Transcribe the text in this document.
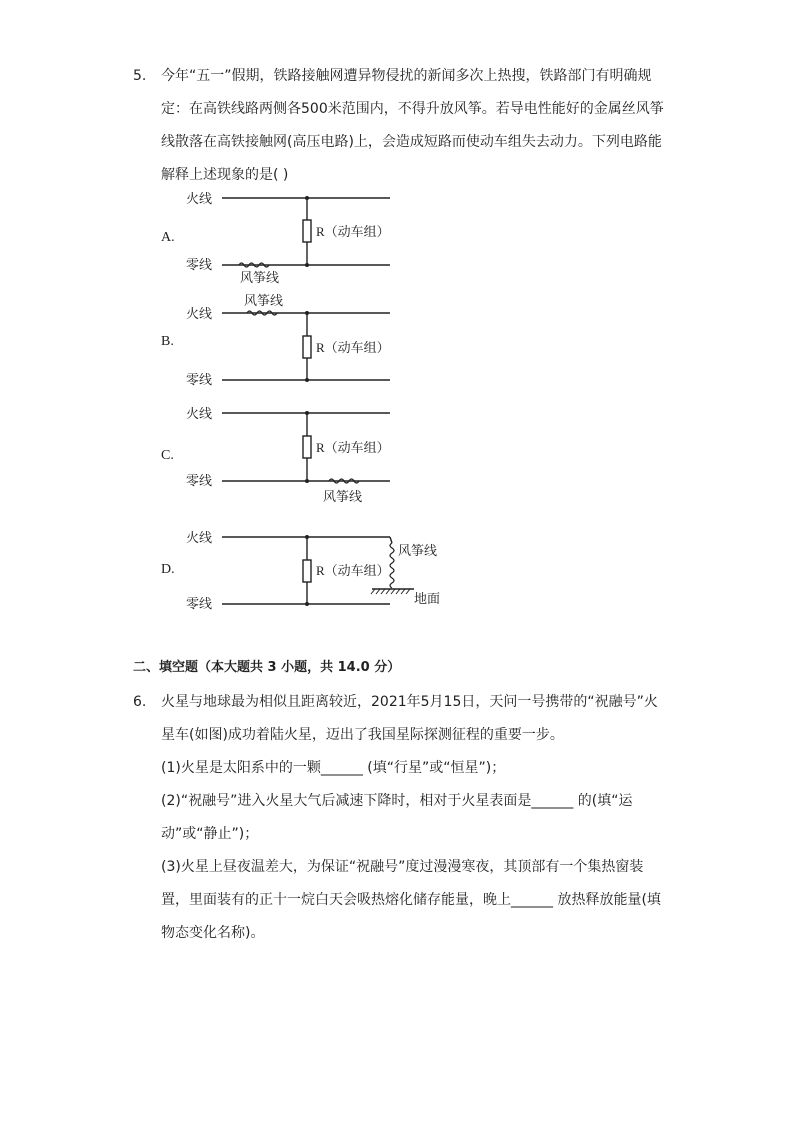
5. 今年“五一”假期，铁路接触网遭异物侵扰的新闻多次上热搜，铁路部门有明确规
定：在高铁线路两侧各500米范围内，不得升放风筝。若导电性能好的金属丝风筝
线散落在高铁接触网(高压电路)上，会造成短路而使动车组失去动力。下列电路能
解释上述现象的是( )
A.
B.
C.
D.
火线
零线
R（动车组）
风筝线
火线
零线
R（动车组）
风筝线
火线
零线
R（动车组）
风筝线
火线
零线
R（动车组）
风筝线
地面
二、填空题（本大题共 3 小题，共 14.0 分）
6. 火星与地球最为相似且距离较近，2021年5月15日，天问一号携带的“祝融号”火
星车(如图)成功着陆火星，迈出了我国星际探测征程的重要一步。
(1)火星是太阳系中的一颗______ (填“行星”或“恒星”)；
(2)“祝融号”进入火星大气后减速下降时，相对于火星表面是______ 的(填“运
动”或“静止”)；
(3)火星上昼夜温差大，为保证“祝融号”度过漫漫寒夜，其顶部有一个集热窗装
置，里面装有的正十一烷白天会吸热熔化储存能量，晚上______ 放热释放能量(填
物态变化名称)。
